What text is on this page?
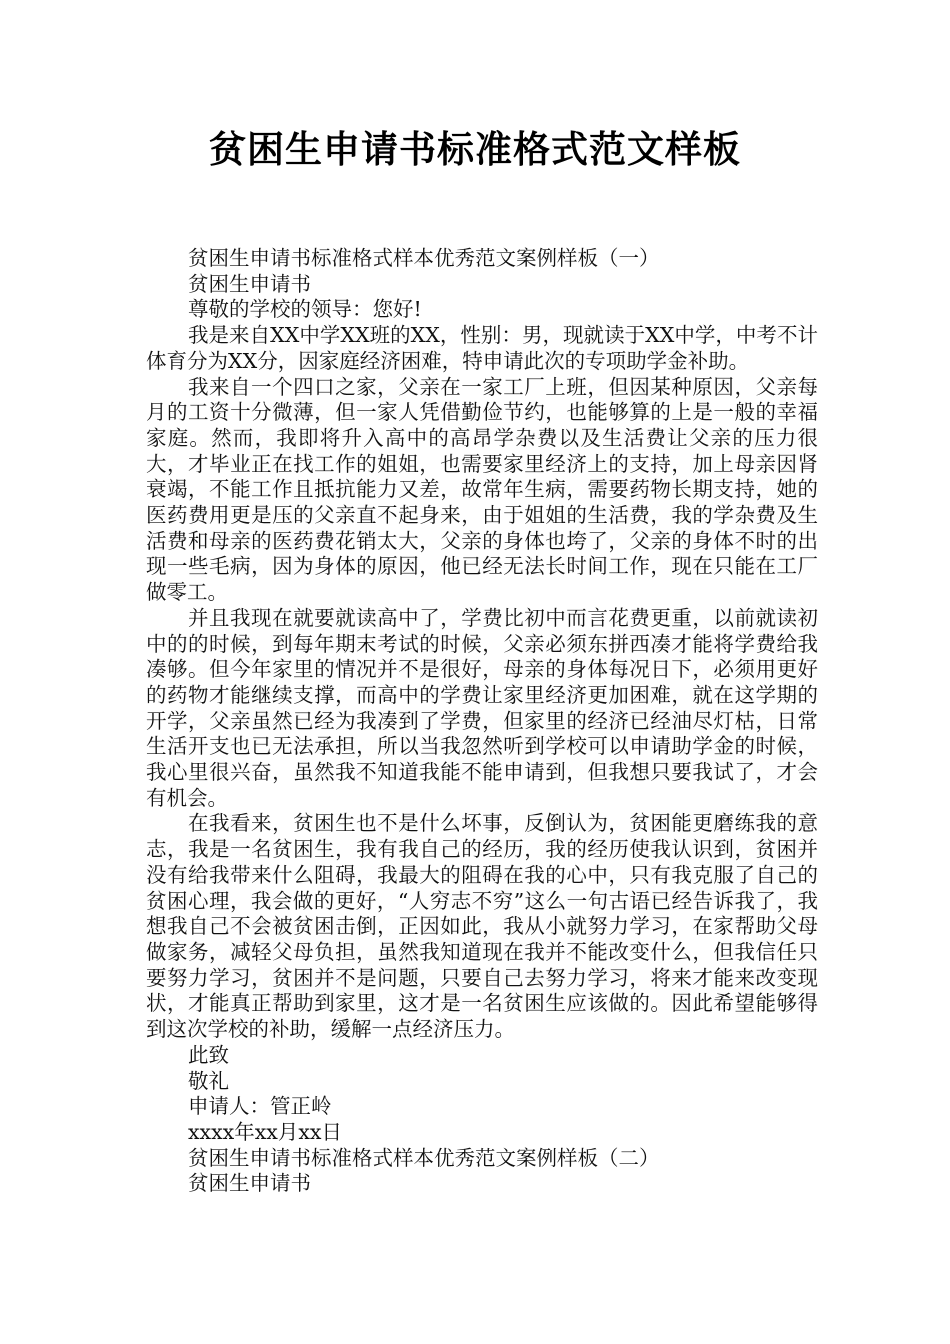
贫困生申请书标准格式范文样板

贫困生申请书标准格式样本优秀范文案例样板（一）

贫困生申请书

尊敬的学校的领导：您好!

我是来自XX中学XX班的XX，性别：男，现就读于XX中学，中考不计体育分为XX分，因家庭经济困难，特申请此次的专项助学金补助。

我来自一个四口之家，父亲在一家工厂上班，但因某种原因，父亲每月的工资十分微薄，但一家人凭借勤俭节约，也能够算的上是一般的幸福家庭。然而，我即将升入高中的高昂学杂费以及生活费让父亲的压力很大，才毕业正在找工作的姐姐，也需要家里经济上的支持，加上母亲因肾衰竭，不能工作且抵抗能力又差，故常年生病，需要药物长期支持，她的医药费用更是压的父亲直不起身来，由于姐姐的生活费，我的学杂费及生活费和母亲的医药费花销太大，父亲的身体也垮了，父亲的身体不时的出现一些毛病，因为身体的原因，他已经无法长时间工作，现在只能在工厂做零工。

并且我现在就要就读高中了，学费比初中而言花费更重，以前就读初中的的时候，到每年期末考试的时候，父亲必须东拼西凑才能将学费给我凑够。但今年家里的情况并不是很好，母亲的身体每况日下，必须用更好的药物才能继续支撑，而高中的学费让家里经济更加困难，就在这学期的开学，父亲虽然已经为我凑到了学费，但家里的经济已经油尽灯枯，日常生活开支也已无法承担，所以当我忽然听到学校可以申请助学金的时候，我心里很兴奋，虽然我不知道我能不能申请到，但我想只要我试了，才会有机会。

在我看来，贫困生也不是什么坏事，反倒认为，贫困能更磨练我的意志，我是一名贫困生，我有我自己的经历，我的经历使我认识到，贫困并没有给我带来什么阻碍，我最大的阻碍在我的心中，只有我克服了自己的贫困心理，我会做的更好，“人穷志不穷”这么一句古语已经告诉我了，我想我自己不会被贫困击倒，正因如此，我从小就努力学习，在家帮助父母做家务，减轻父母负担，虽然我知道现在我并不能改变什么，但我信任只要努力学习，贫困并不是问题，只要自己去努力学习，将来才能来改变现状，才能真正帮助到家里，这才是一名贫困生应该做的。因此希望能够得到这次学校的补助，缓解一点经济压力。

此致

敬礼

申请人：管正岭

xxxx年xx月xx日

贫困生申请书标准格式样本优秀范文案例样板（二）

贫困生申请书
